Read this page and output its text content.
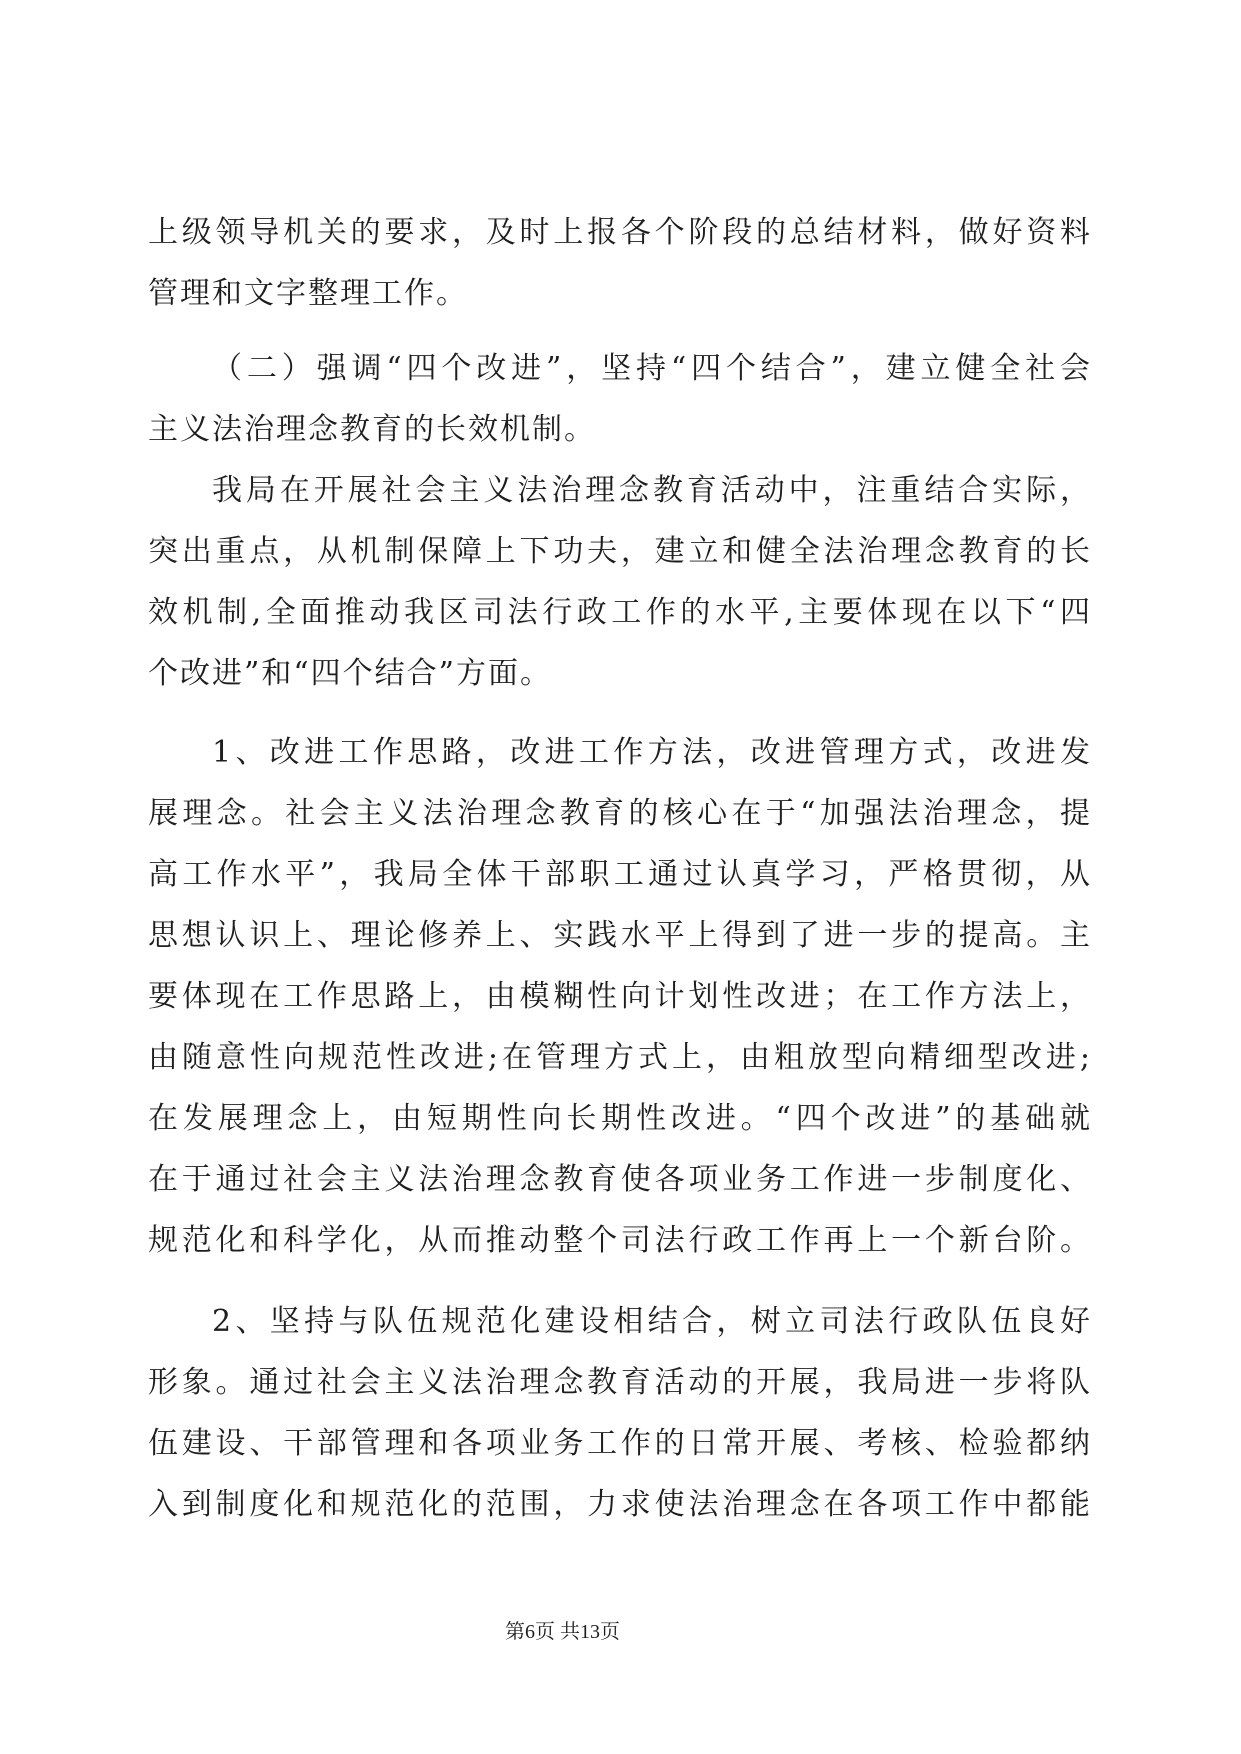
上级领导机关的要求，及时上报各个阶段的总结材料，做好资料
管理和文字整理工作。
（二）强调“四个改进”，坚持“四个结合”，建立健全社会
主义法治理念教育的长效机制。
我局在开展社会主义法治理念教育活动中，注重结合实际，
突出重点，从机制保障上下功夫，建立和健全法治理念教育的长
效机制,全面推动我区司法行政工作的水平,主要体现在以下“四
个改进”和“四个结合”方面。
1、改进工作思路，改进工作方法，改进管理方式，改进发
展理念。社会主义法治理念教育的核心在于“加强法治理念，提
高工作水平”，我局全体干部职工通过认真学习，严格贯彻，从
思想认识上、理论修养上、实践水平上得到了进一步的提高。主
要体现在工作思路上，由模糊性向计划性改进；在工作方法上，
由随意性向规范性改进;在管理方式上，由粗放型向精细型改进;
在发展理念上，由短期性向长期性改进。“四个改进”的基础就
在于通过社会主义法治理念教育使各项业务工作进一步制度化、
规范化和科学化，从而推动整个司法行政工作再上一个新台阶。
2、坚持与队伍规范化建设相结合，树立司法行政队伍良好
形象。通过社会主义法治理念教育活动的开展，我局进一步将队
伍建设、干部管理和各项业务工作的日常开展、考核、检验都纳
入到制度化和规范化的范围，力求使法治理念在各项工作中都能
第6页 共13页
